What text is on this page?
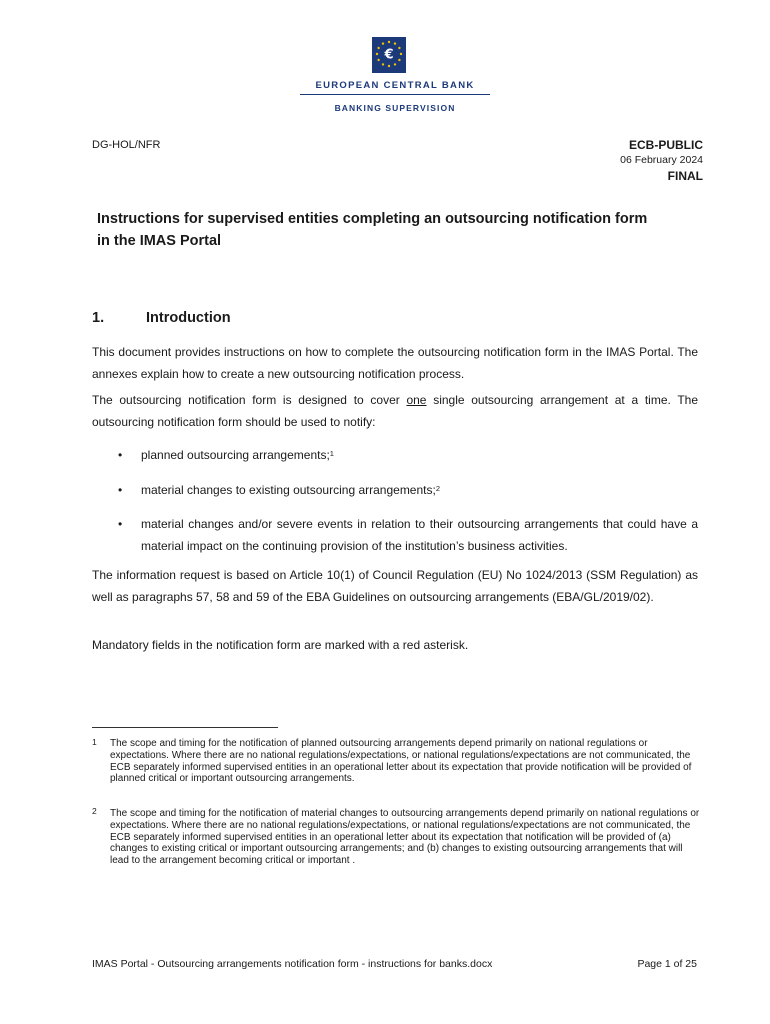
€
EUROPEAN CENTRAL BANK
BANKING SUPERVISION
DG-HOL/NFR	ECB-PUBLIC
06 February 2024
FINAL
Instructions for supervised entities completing an outsourcing notification form
in the IMAS Portal
1.	Introduction
This document provides instructions on how to complete the outsourcing notification form in the IMAS Portal. The annexes explain how to create a new outsourcing notification process.
The outsourcing notification form is designed to cover one single outsourcing arrangement at a time. The outsourcing notification form should be used to notify:
• planned outsourcing arrangements;$^1$
• material changes to existing outsourcing arrangements;$^2$
• material changes and/or severe events in relation to their outsourcing arrangements that could have a material impact on the continuing provision of the institution’s business activities.
The information request is based on Article 10(1) of Council Regulation (EU) No 1024/2013 (SSM Regulation) as well as paragraphs 57, 58 and 59 of the EBA Guidelines on outsourcing arrangements (EBA/GL/2019/02).
Mandatory fields in the notification form are marked with a red asterisk.
1 The scope and timing for the notification of planned outsourcing arrangements depend primarily on national regulations or expectations. Where there are no national regulations/expectations, or national regulations/expectations are not communicated, the ECB separately informed supervised entities in an operational letter about its expectation that provide notification will be provided of planned critical or important outsourcing arrangements.
2 The scope and timing for the notification of material changes to outsourcing arrangements depend primarily on national regulations or expectations. Where there are no national regulations/expectations, or national regulations/expectations are not communicated, the ECB separately informed supervised entities in an operational letter about its expectation that notification will be provided of (a) changes to existing critical or important outsourcing arrangements; and (b) changes to existing outsourcing arrangements that will lead to the arrangement becoming critical or important .
IMAS Portal - Outsourcing arrangements notification form - instructions for banks.docx	Page 1 of 25
